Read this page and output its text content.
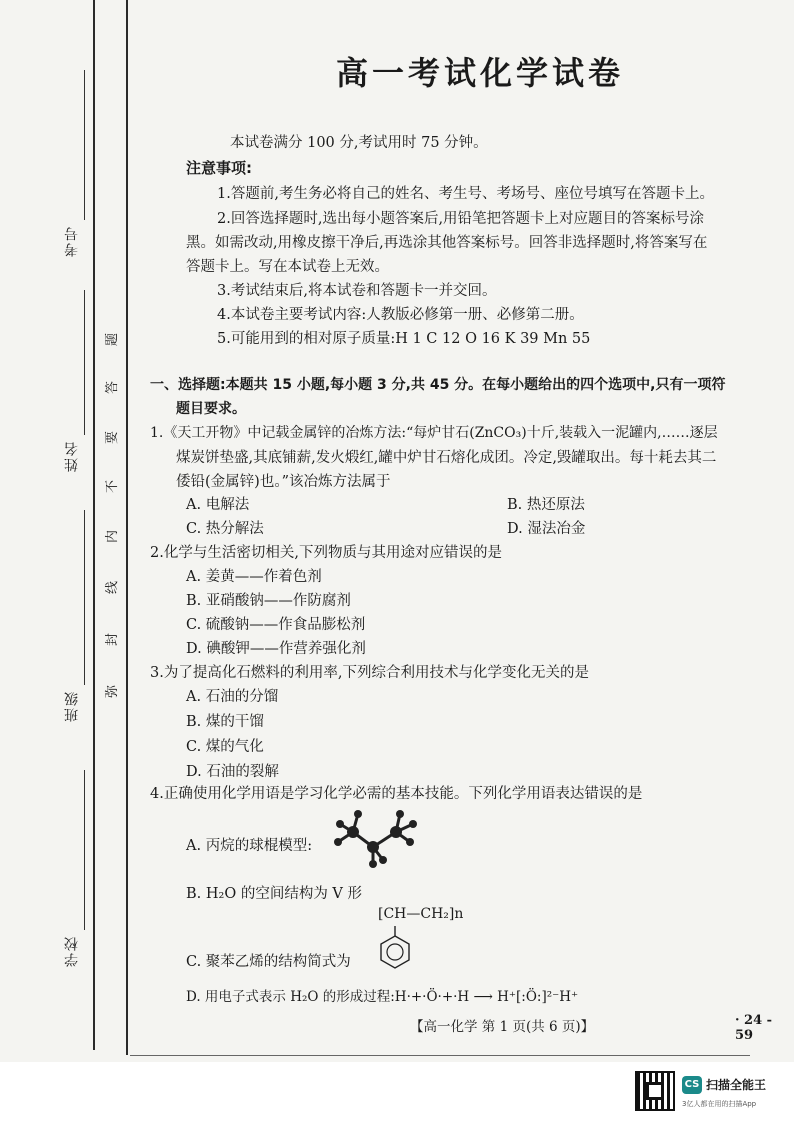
考号
姓名
班级
学校
题
答
要
不
内
线
封
弥
高一考试化学试卷
本试卷满分 100 分,考试用时 75 分钟。
注意事项:
1.答题前,考生务必将自己的姓名、考生号、考场号、座位号填写在答题卡上。
2.回答选择题时,选出每小题答案后,用铅笔把答题卡上对应题目的答案标号涂
黑。如需改动,用橡皮擦干净后,再选涂其他答案标号。回答非选择题时,将答案写在
答题卡上。写在本试卷上无效。
3.考试结束后,将本试卷和答题卡一并交回。
4.本试卷主要考试内容:人教版必修第一册、必修第二册。
5.可能用到的相对原子质量:H 1 C 12 O 16 K 39 Mn 55
一、选择题:本题共 15 小题,每小题 3 分,共 45 分。在每小题给出的四个选项中,只有一项符
题目要求。
1.《天工开物》中记载金属锌的冶炼方法:“每炉甘石(ZnCO₃)十斤,装载入一泥罐内,……逐层
煤炭饼垫盛,其底铺薪,发火煅红,罐中炉甘石熔化成团。冷定,毁罐取出。每十耗去其二
倭铅(金属锌)也。”该冶炼方法属于
A. 电解法	B. 热还原法
C. 热分解法	D. 湿法冶金
2.化学与生活密切相关,下列物质与其用途对应错误的是
A. 姜黄——作着色剂
B. 亚硝酸钠——作防腐剂
C. 硫酸钠——作食品膨松剂
D. 碘酸钾——作营养强化剂
3.为了提高化石燃料的利用率,下列综合利用技术与化学变化无关的是
A. 石油的分馏
B. 煤的干馏
C. 煤的气化
D. 石油的裂解
4.正确使用化学用语是学习化学必需的基本技能。下列化学用语表达错误的是
A. 丙烷的球棍模型:
B. H₂O 的空间结构为 V 形
[CH—CH₂]n
C. 聚苯乙烯的结构简式为
D. 用电子式表示 H₂O 的形成过程:H·+·Ö·+·H ⟶ H⁺[:Ö:]²⁻H⁺
【高一化学 第 1 页(共 6 页)】	· 24 - 59
CS 扫描全能王
3亿人都在用的扫描App
